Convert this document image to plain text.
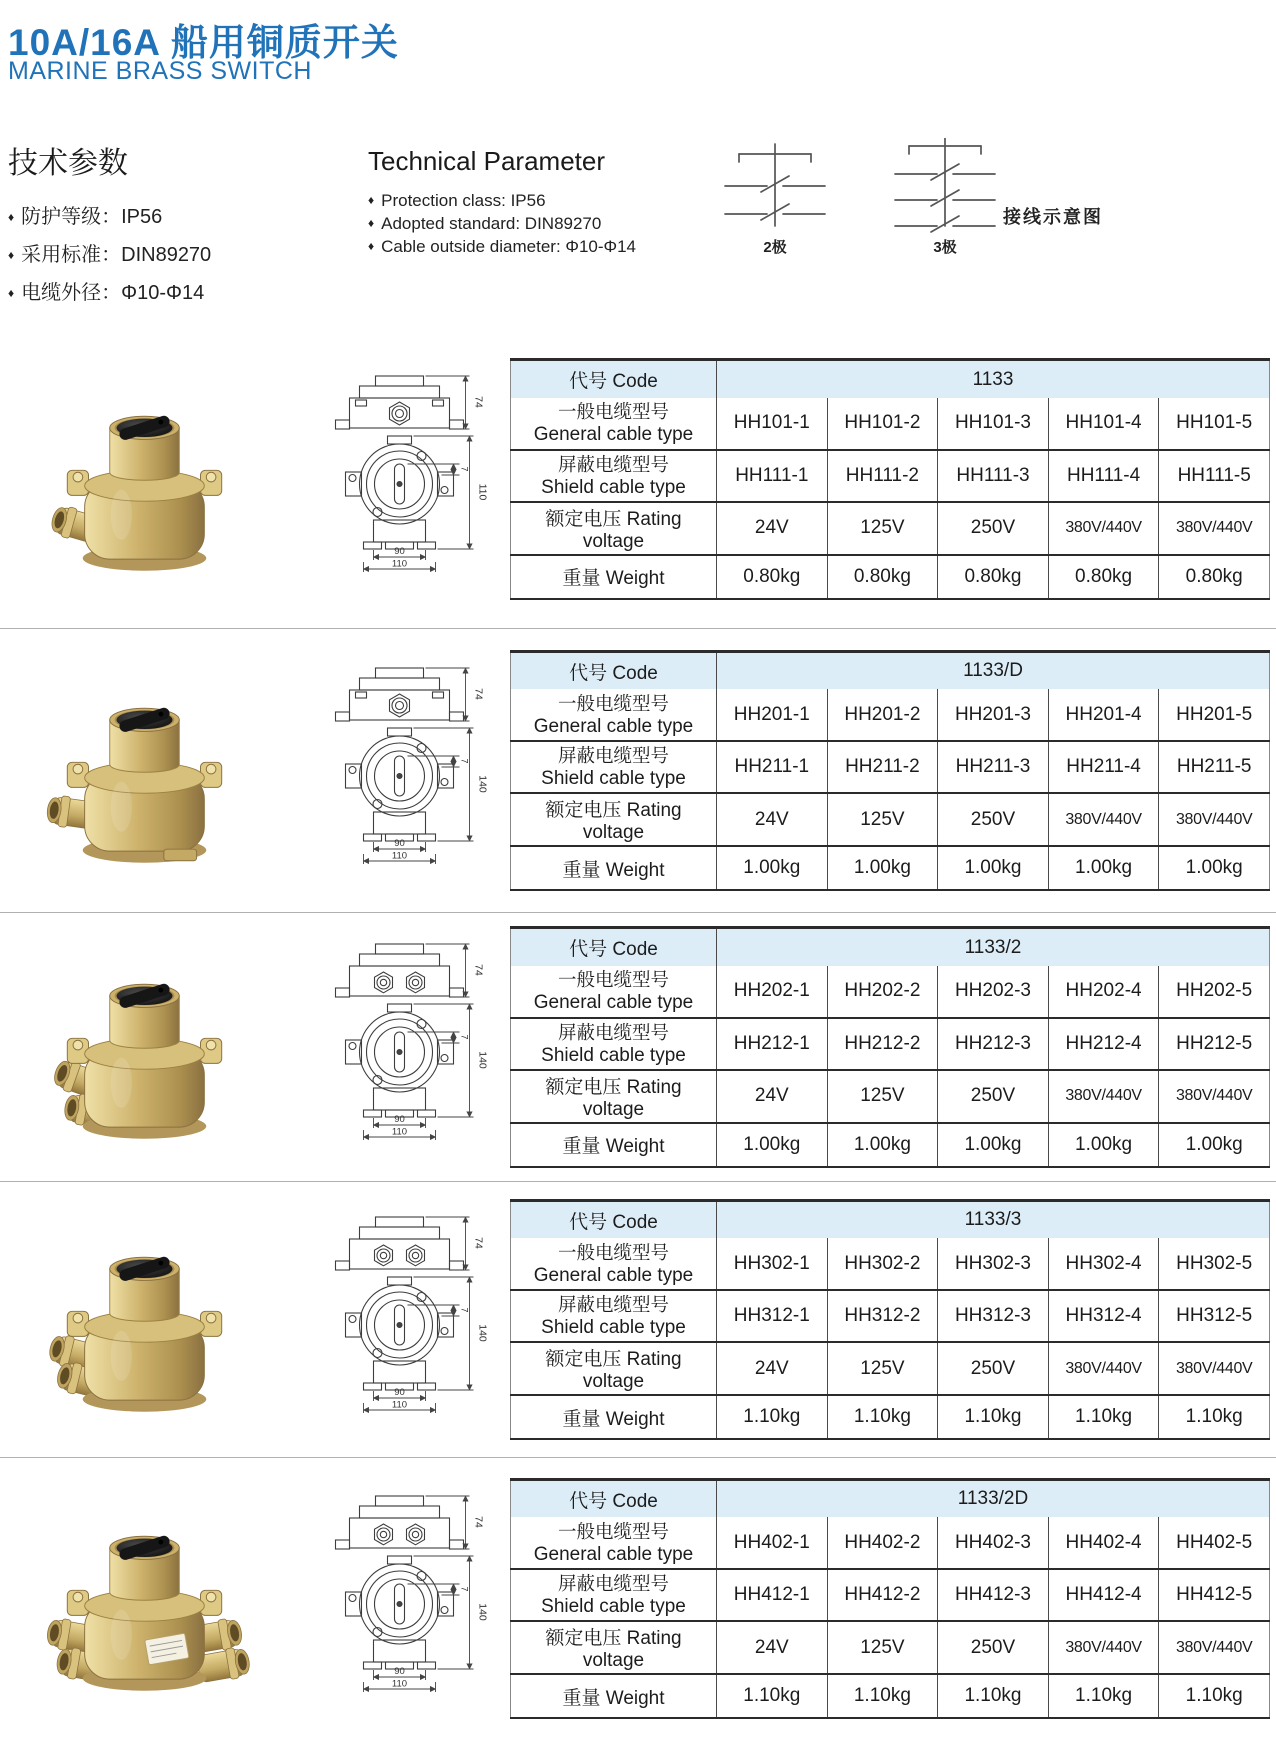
10A/16A 船用铜质开关
MARINE BRASS SWITCH
技术参数
♦ 防护等级：IP56
♦ 采用标准：DIN89270
♦ 电缆外径：Φ10-Φ14
Technical Parameter
♦ Protection class: IP56
♦ Adopted standard: DIN89270
♦ Cable outside diameter: Φ10-Φ14	2极	3极
接线示意图
74
7
110
90
110
代号 Code	1133				

一般电缆型号
General cable type	HH101-1	HH101-2	HH101-3	HH101-4	HH101-5

屏蔽电缆型号
Shield cable type	HH111-1	HH111-2	HH111-3	HH111-4	HH111-5
额定电压 Rating voltage	24V	125V	250V	380V/440V	380V/440V
重量 Weight	0.80kg	0.80kg	0.80kg	0.80kg	0.80kg
74
7
140
90
110
代号 Code	1133/D				

一般电缆型号
General cable type	HH201-1	HH201-2	HH201-3	HH201-4	HH201-5

屏蔽电缆型号
Shield cable type	HH211-1	HH211-2	HH211-3	HH211-4	HH211-5
额定电压 Rating voltage	24V	125V	250V	380V/440V	380V/440V
重量 Weight	1.00kg	1.00kg	1.00kg	1.00kg	1.00kg
74
7
140
90
110
代号 Code	1133/2				

一般电缆型号
General cable type	HH202-1	HH202-2	HH202-3	HH202-4	HH202-5

屏蔽电缆型号
Shield cable type	HH212-1	HH212-2	HH212-3	HH212-4	HH212-5
额定电压 Rating voltage	24V	125V	250V	380V/440V	380V/440V
重量 Weight	1.00kg	1.00kg	1.00kg	1.00kg	1.00kg
74
7
140
90
110
代号 Code	1133/3				

一般电缆型号
General cable type	HH302-1	HH302-2	HH302-3	HH302-4	HH302-5

屏蔽电缆型号
Shield cable type	HH312-1	HH312-2	HH312-3	HH312-4	HH312-5
额定电压 Rating voltage	24V	125V	250V	380V/440V	380V/440V
重量 Weight	1.10kg	1.10kg	1.10kg	1.10kg	1.10kg
74
7
140
90
110
代号 Code	1133/2D				

一般电缆型号
General cable type	HH402-1	HH402-2	HH402-3	HH402-4	HH402-5

屏蔽电缆型号
Shield cable type	HH412-1	HH412-2	HH412-3	HH412-4	HH412-5
额定电压 Rating voltage	24V	125V	250V	380V/440V	380V/440V
重量 Weight	1.10kg	1.10kg	1.10kg	1.10kg	1.10kg
